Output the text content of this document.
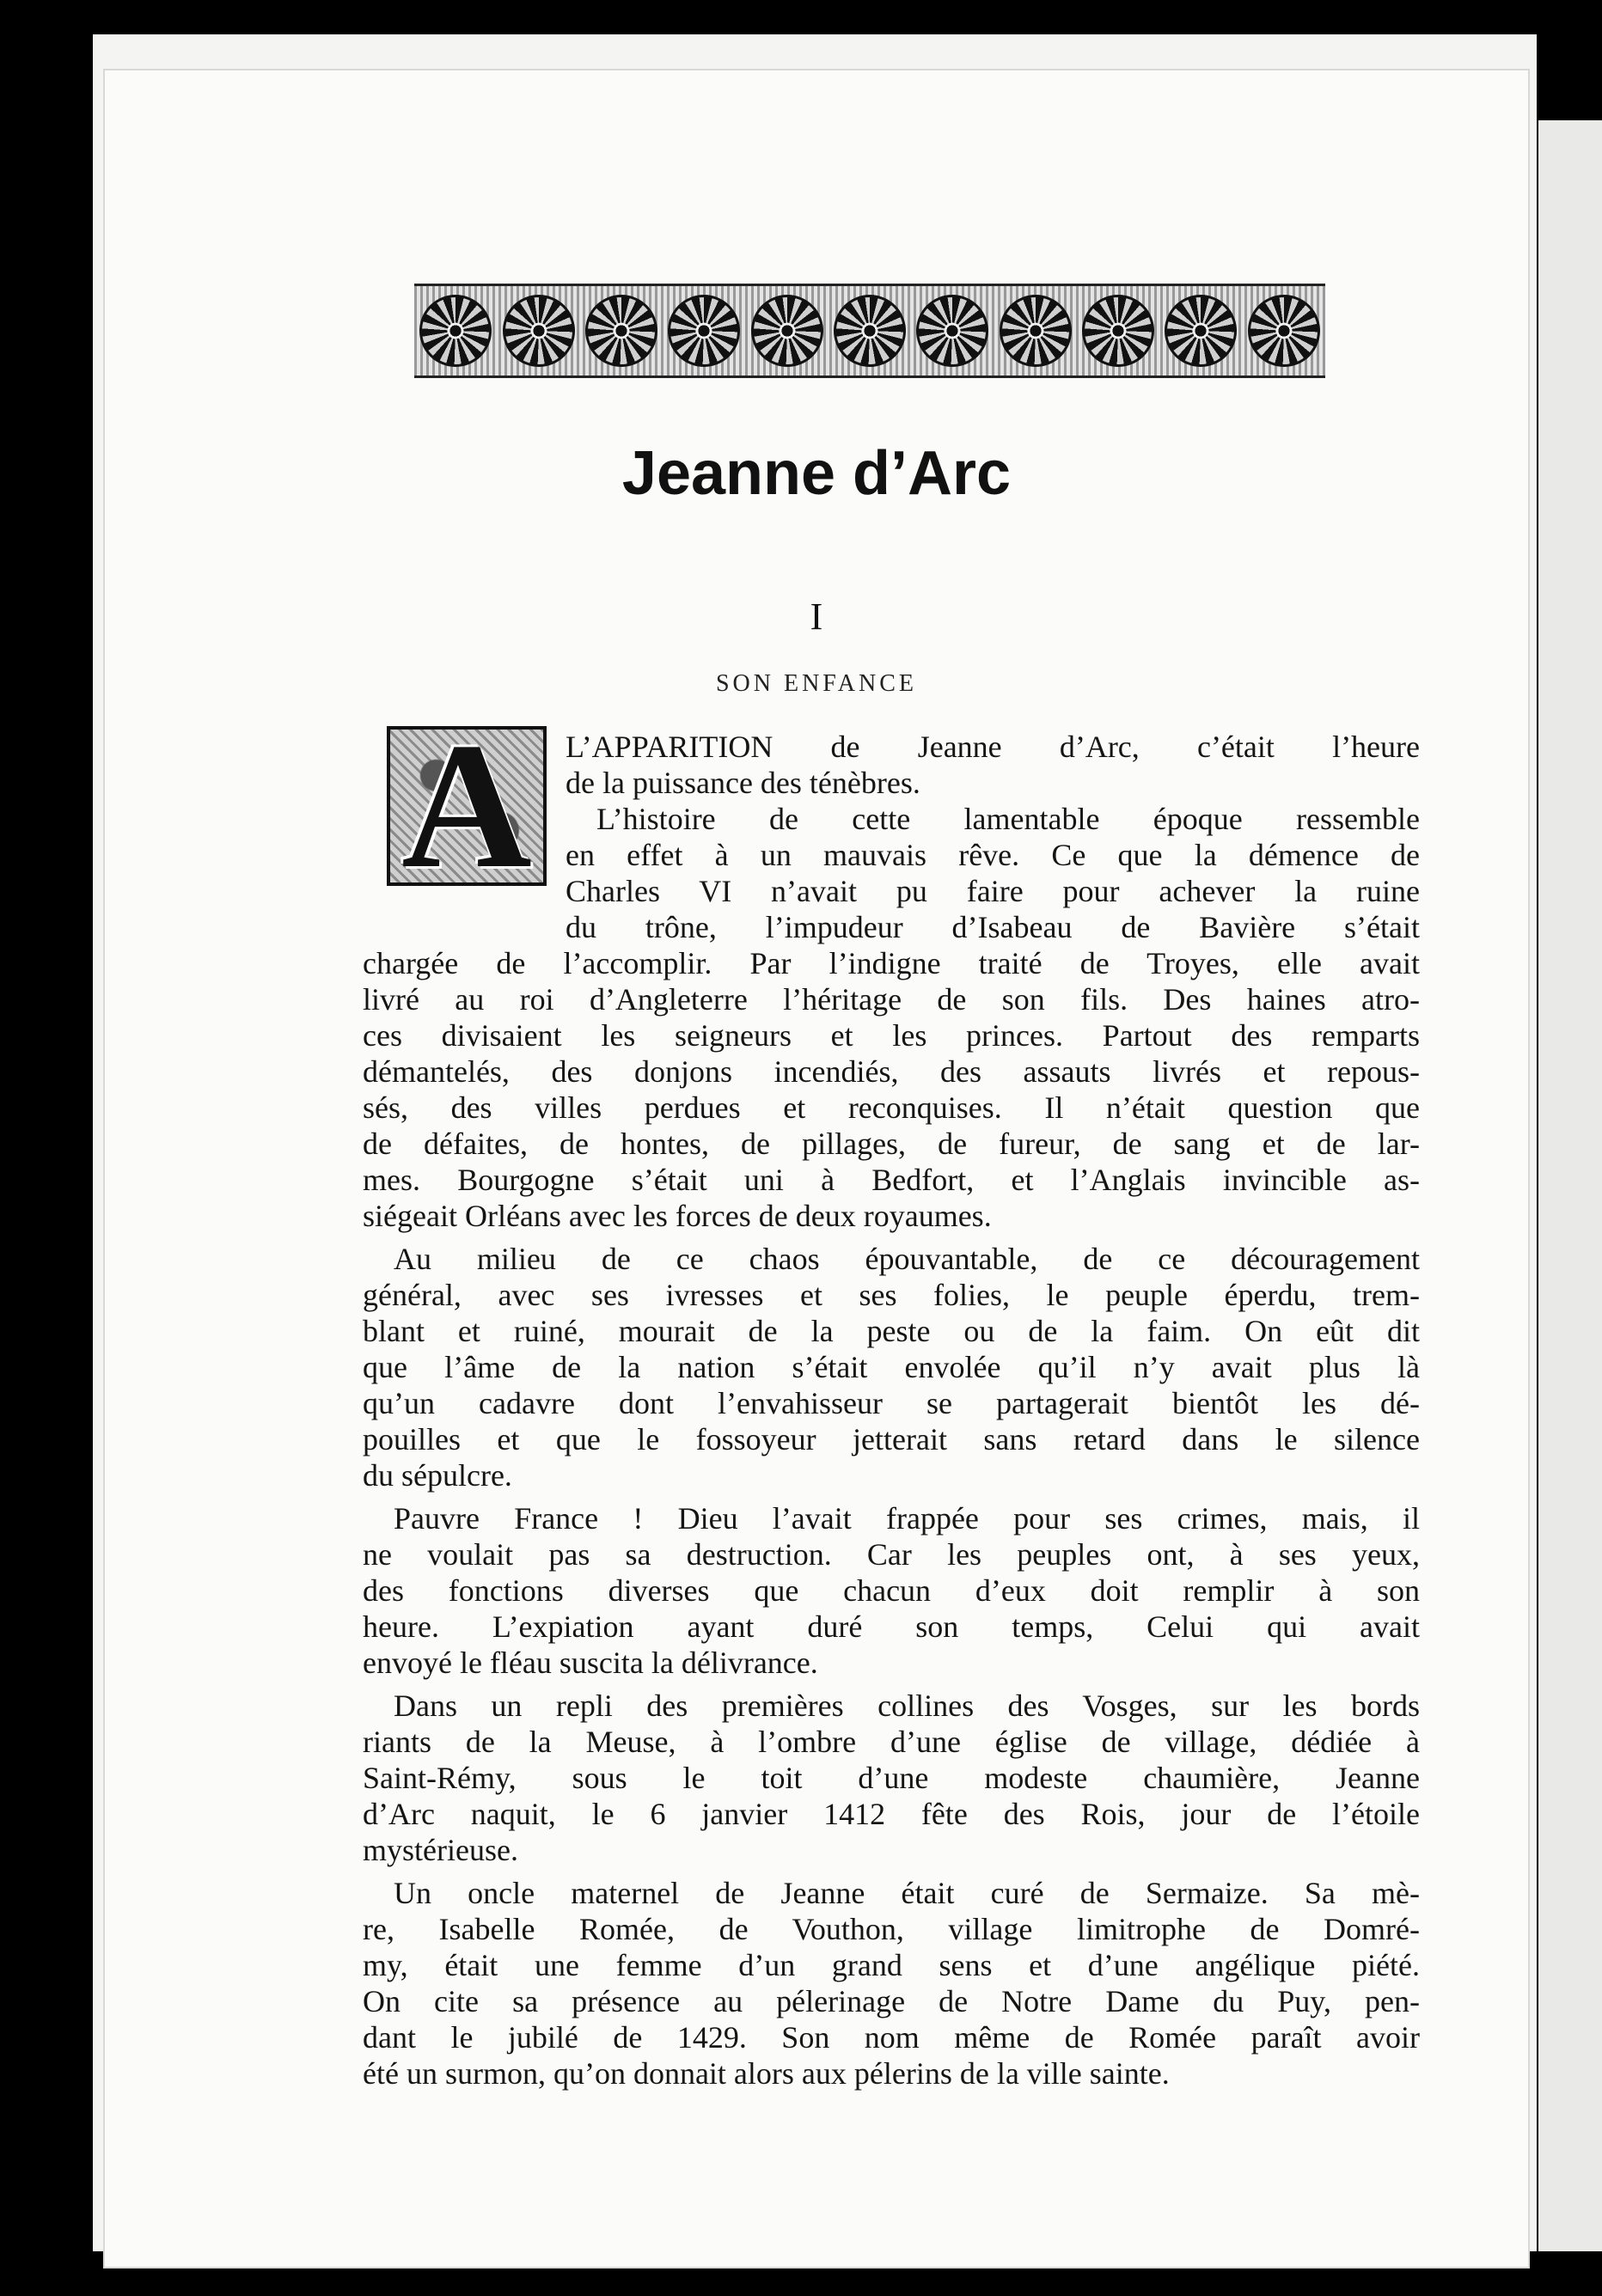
Jeanne d’Arc
I
SON ENFANCE
A L’APPARITION de Jeanne d’Arc, c’était l’heure
de la puissance des ténèbres.
L’histoire de cette lamentable époque ressemble
en effet à un mauvais rêve. Ce que la démence de
Charles VI n’avait pu faire pour achever la ruine
du trône, l’impudeur d’Isabeau de Bavière s’était
chargée de l’accomplir. Par l’indigne traité de Troyes, elle avait
livré au roi d’Angleterre l’héritage de son fils. Des haines atro-
ces divisaient les seigneurs et les princes. Partout des remparts
démantelés, des donjons incendiés, des assauts livrés et repous-
sés, des villes perdues et reconquises. Il n’était question que
de défaites, de hontes, de pillages, de fureur, de sang et de lar-
mes. Bourgogne s’était uni à Bedfort, et l’Anglais invincible as-
siégeait Orléans avec les forces de deux royaumes.
Au milieu de ce chaos épouvantable, de ce découragement
général, avec ses ivresses et ses folies, le peuple éperdu, trem-
blant et ruiné, mourait de la peste ou de la faim. On eût dit
que l’âme de la nation s’était envolée qu’il n’y avait plus là
qu’un cadavre dont l’envahisseur se partagerait bientôt les dé-
pouilles et que le fossoyeur jetterait sans retard dans le silence
du sépulcre.
Pauvre France ! Dieu l’avait frappée pour ses crimes, mais, il
ne voulait pas sa destruction. Car les peuples ont, à ses yeux,
des fonctions diverses que chacun d’eux doit remplir à son
heure. L’expiation ayant duré son temps, Celui qui avait
envoyé le fléau suscita la délivrance.
Dans un repli des premières collines des Vosges, sur les bords
riants de la Meuse, à l’ombre d’une église de village, dédiée à
Saint-Rémy, sous le toit d’une modeste chaumière, Jeanne
d’Arc naquit, le 6 janvier 1412 fête des Rois, jour de l’étoile
mystérieuse.
Un oncle maternel de Jeanne était curé de Sermaize. Sa mè-
re, Isabelle Romée, de Vouthon, village limitrophe de Domré-
my, était une femme d’un grand sens et d’une angélique piété.
On cite sa présence au pélerinage de Notre Dame du Puy, pen-
dant le jubilé de 1429. Son nom même de Romée paraît avoir
été un surmon, qu’on donnait alors aux pélerins de la ville sainte.
